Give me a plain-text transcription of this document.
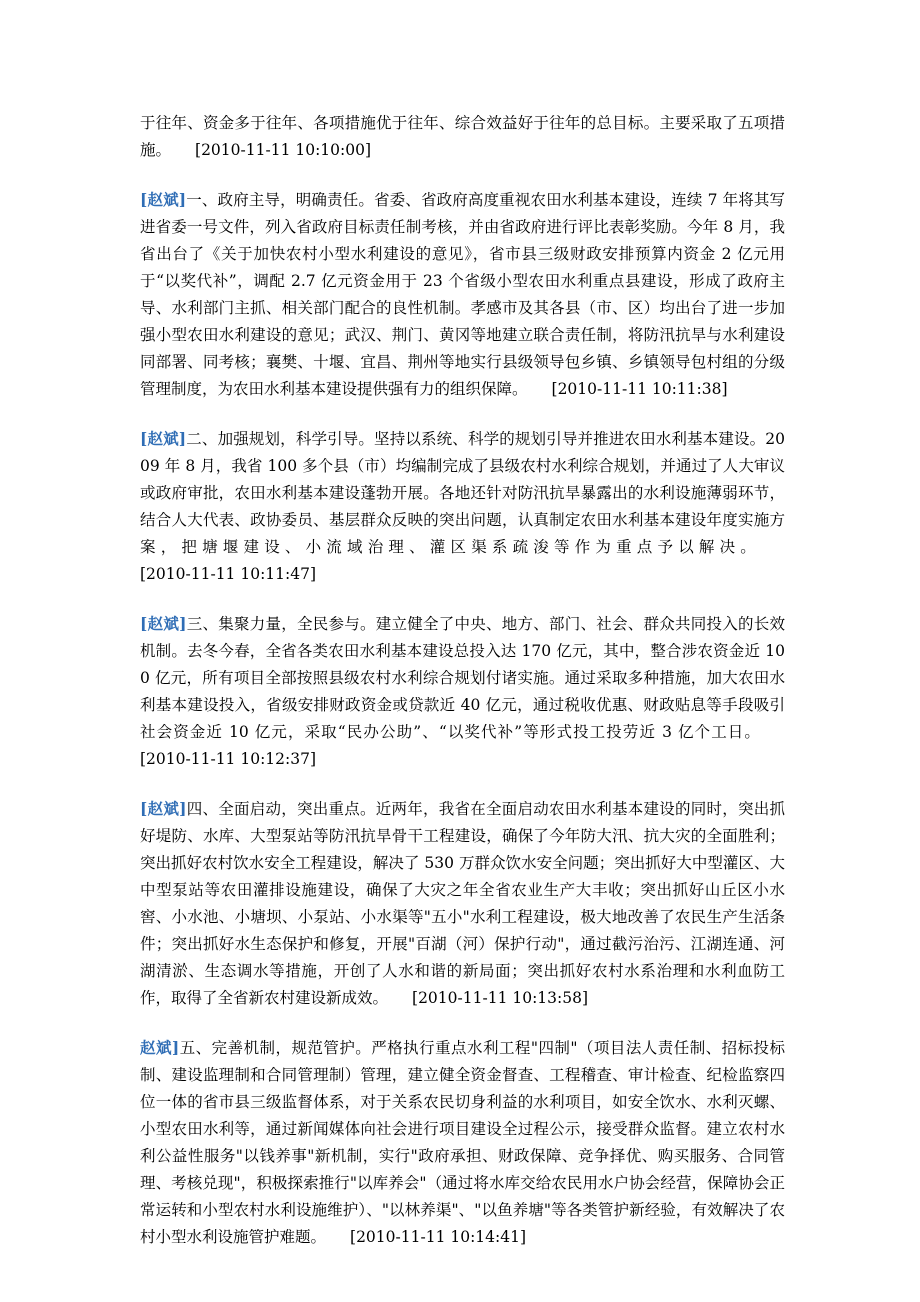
于往年、资金多于往年、各项措施优于往年、综合效益好于往年的总目标。主要采取了五项措施。 [2010-11-11 10:10:00]

[赵斌]一、政府主导，明确责任。省委、省政府高度重视农田水利基本建设，连续 7 年将其写进省委一号文件，列入省政府目标责任制考核，并由省政府进行评比表彰奖励。今年 8 月，我省出台了《关于加快农村小型水利建设的意见》，省市县三级财政安排预算内资金 2 亿元用于“以奖代补”，调配 2.7 亿元资金用于 23 个省级小型农田水利重点县建设，形成了政府主导、水利部门主抓、相关部门配合的良性机制。孝感市及其各县（市、区）均出台了进一步加强小型农田水利建设的意见；武汉、荆门、黄冈等地建立联合责任制，将防汛抗旱与水利建设同部署、同考核；襄樊、十堰、宜昌、荆州等地实行县级领导包乡镇、乡镇领导包村组的分级管理制度，为农田水利基本建设提供强有力的组织保障。 [2010-11-11 10:11:38]

[赵斌]二、加强规划，科学引导。坚持以系统、科学的规划引导并推进农田水利基本建设。2009 年 8 月，我省 100 多个县（市）均编制完成了县级农村水利综合规划，并通过了人大审议或政府审批，农田水利基本建设蓬勃开展。各地还针对防汛抗旱暴露出的水利设施薄弱环节，结合人大代表、政协委员、基层群众反映的突出问题，认真制定农田水利基本建设年度实施方案，把塘堰建设、小流域治理、灌区渠系疏浚等作为重点予以解决。[2010-11-11 10:11:47]

[赵斌]三、集聚力量，全民参与。建立健全了中央、地方、部门、社会、群众共同投入的长效机制。去冬今春，全省各类农田水利基本建设总投入达 170 亿元，其中，整合涉农资金近 100 亿元，所有项目全部按照县级农村水利综合规划付诸实施。通过采取多种措施，加大农田水利基本建设投入，省级安排财政资金或贷款近 40 亿元，通过税收优惠、财政贴息等手段吸引社会资金近 10 亿元，采取“民办公助”、“以奖代补”等形式投工投劳近 3 亿个工日。[2010-11-11 10:12:37]

[赵斌]四、全面启动，突出重点。近两年，我省在全面启动农田水利基本建设的同时，突出抓好堤防、水库、大型泵站等防汛抗旱骨干工程建设，确保了今年防大汛、抗大灾的全面胜利；突出抓好农村饮水安全工程建设，解决了 530 万群众饮水安全问题；突出抓好大中型灌区、大中型泵站等农田灌排设施建设，确保了大灾之年全省农业生产大丰收；突出抓好山丘区小水窖、小水池、小塘坝、小泵站、小水渠等"五小"水利工程建设，极大地改善了农民生产生活条件；突出抓好水生态保护和修复，开展"百湖（河）保护行动"，通过截污治污、江湖连通、河湖清淤、生态调水等措施，开创了人水和谐的新局面；突出抓好农村水系治理和水利血防工作，取得了全省新农村建设新成效。 [2010-11-11 10:13:58]

赵斌]五、完善机制，规范管护。严格执行重点水利工程"四制"（项目法人责任制、招标投标制、建设监理制和合同管理制）管理，建立健全资金督查、工程稽查、审计检查、纪检监察四位一体的省市县三级监督体系，对于关系农民切身利益的水利项目，如安全饮水、水利灭螺、小型农田水利等，通过新闻媒体向社会进行项目建设全过程公示，接受群众监督。建立农村水利公益性服务"以钱养事"新机制，实行"政府承担、财政保障、竞争择优、购买服务、合同管理、考核兑现"，积极探索推行"以库养会"（通过将水库交给农民用水户协会经营，保障协会正常运转和小型农村水利设施维护）、"以林养渠"、"以鱼养塘"等各类管护新经验，有效解决了农村小型水利设施管护难题。 [2010-11-11 10:14:41]
